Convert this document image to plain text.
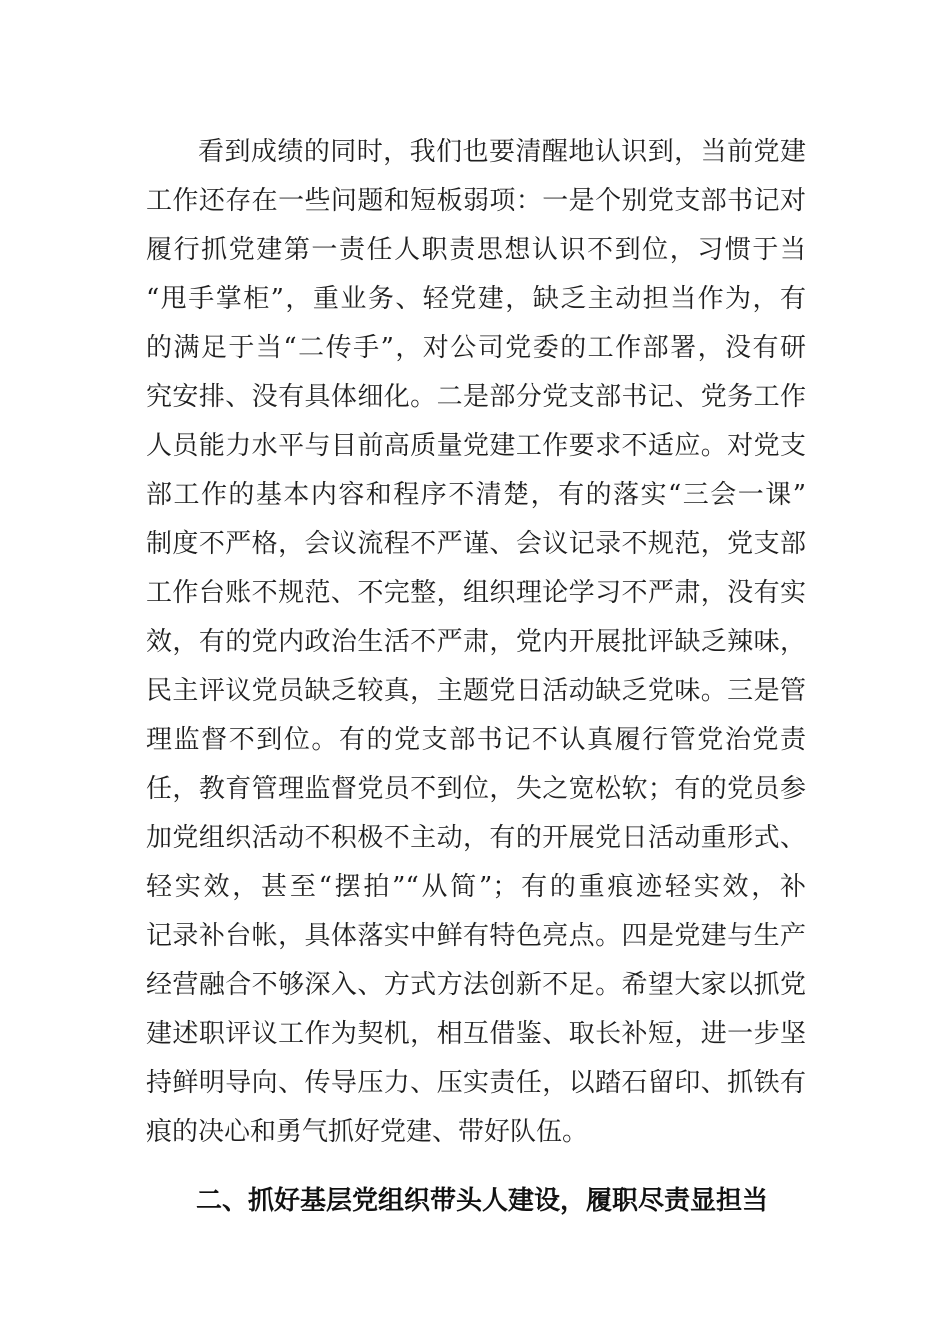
看到成绩的同时，我们也要清醒地认识到，当前党建
工作还存在一些问题和短板弱项：一是个别党支部书记对
履行抓党建第一责任人职责思想认识不到位，习惯于当
“甩手掌柜”，重业务、轻党建，缺乏主动担当作为，有
的满足于当“二传手”，对公司党委的工作部署，没有研
究安排、没有具体细化。二是部分党支部书记、党务工作
人员能力水平与目前高质量党建工作要求不适应。对党支
部工作的基本内容和程序不清楚，有的落实“三会一课”
制度不严格，会议流程不严谨、会议记录不规范，党支部
工作台账不规范、不完整，组织理论学习不严肃，没有实
效，有的党内政治生活不严肃，党内开展批评缺乏辣味，
民主评议党员缺乏较真，主题党日活动缺乏党味。三是管
理监督不到位。有的党支部书记不认真履行管党治党责
任，教育管理监督党员不到位，失之宽松软；有的党员参
加党组织活动不积极不主动，有的开展党日活动重形式、
轻实效，甚至“摆拍”“从简”；有的重痕迹轻实效，补
记录补台帐，具体落实中鲜有特色亮点。四是党建与生产
经营融合不够深入、方式方法创新不足。希望大家以抓党
建述职评议工作为契机，相互借鉴、取长补短，进一步坚
持鲜明导向、传导压力、压实责任，以踏石留印、抓铁有
痕的决心和勇气抓好党建、带好队伍。
二、抓好基层党组织带头人建设，履职尽责显担当
